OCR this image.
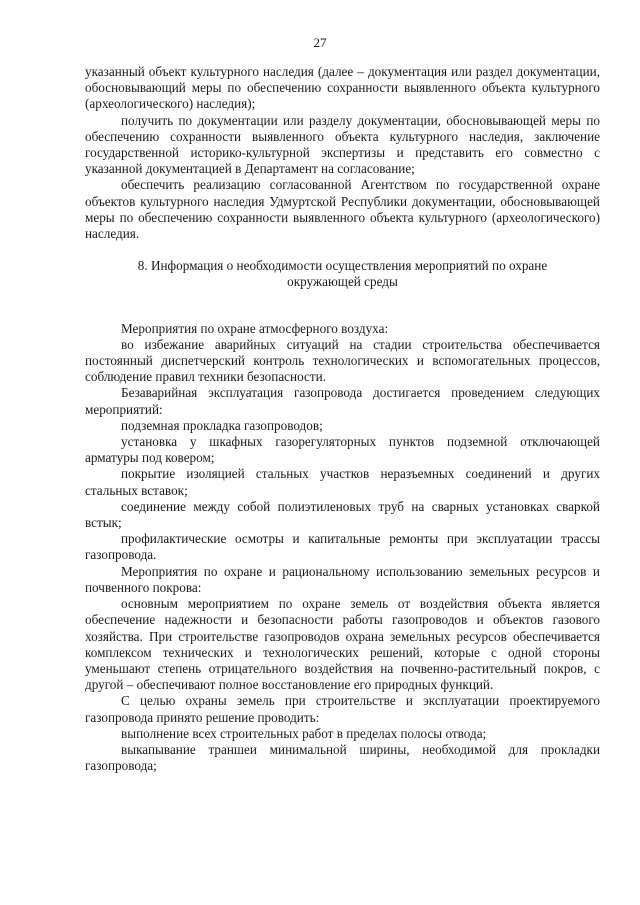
27

указанный объект культурного наследия (далее – документация или раздел документации, обосновывающий меры по обеспечению сохранности выявленного объекта культурного (археологического) наследия);

получить по документации или разделу документации, обосновывающей меры по обеспечению сохранности выявленного объекта культурного наследия, заключение государственной историко-культурной экспертизы и представить его совместно с указанной документацией в Департамент на согласование;

обеспечить реализацию согласованной Агентством по государственной охране объектов культурного наследия Удмуртской Республики документации, обосновывающей меры по обеспечению сохранности выявленного объекта культурного (археологического) наследия.

8. Информация о необходимости осуществления мероприятий по охране окружающей среды

Мероприятия по охране атмосферного воздуха:

во избежание аварийных ситуаций на стадии строительства обеспечивается постоянный диспетчерский контроль технологических и вспомогательных процессов, соблюдение правил техники безопасности.

Безаварийная эксплуатация газопровода достигается проведением следующих мероприятий:

подземная прокладка газопроводов;

установка у шкафных газорегуляторных пунктов подземной отключающей арматуры под ковером;

покрытие изоляцией стальных участков неразъемных соединений и других стальных вставок;

соединение между собой полиэтиленовых труб на сварных установках сваркой встык;

профилактические осмотры и капитальные ремонты при эксплуатации трассы газопровода.

Мероприятия по охране и рациональному использованию земельных ресурсов и почвенного покрова:

основным мероприятием по охране земель от воздействия объекта является обеспечение надежности и безопасности работы газопроводов и объектов газового хозяйства. При строительстве газопроводов охрана земельных ресурсов обеспечивается комплексом технических и технологических решений, которые с одной стороны уменьшают степень отрицательного воздействия на почвенно-растительный покров, с другой – обеспечивают полное восстановление его природных функций.

С целью охраны земель при строительстве и эксплуатации проектируемого газопровода принято решение проводить:

выполнение всех строительных работ в пределах полосы отвода;

выкапывание траншеи минимальной ширины, необходимой для прокладки газопровода;
